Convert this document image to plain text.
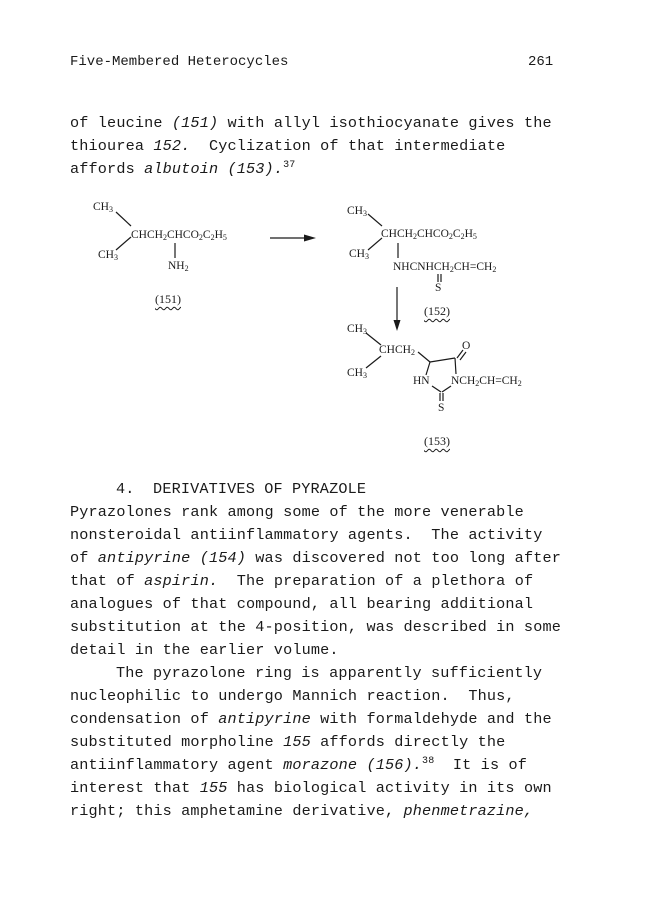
Five-Membered Heterocycles	261
of leucine (151) with allyl isothiocyanate gives the
thiourea 152.  Cyclization of that intermediate
affords albutoin (153).$^{37}$
$CH_3$
$CHCH_2CHCO_2C_2H_5$
$CH_3$
$NH_2$
(151)
$CH_3$
$CHCH_2CHCO_2C_2H_5$
$CH_3$
$NHCNHCH_2CH=CH_2$
S
(152)
$CH_3$
$CHCH_2$
O
$CH_3$	HN $NCH_2CH=CH_2$
S
(153)
4.  DERIVATIVES OF PYRAZOLE
Pyrazolones rank among some of the more venerable
nonsteroidal antiinflammatory agents.  The activity
of antipyrine (154) was discovered not too long after
that of aspirin.  The preparation of a plethora of
analogues of that compound, all bearing additional
substitution at the 4-position, was described in some
detail in the earlier volume.
The pyrazolone ring is apparently sufficiently
nucleophilic to undergo Mannich reaction.  Thus,
condensation of antipyrine with formaldehyde and the
substituted morpholine 155 affords directly the
antiinflammatory agent morazone (156).$^{38}$  It is of
interest that 155 has biological activity in its own
right; this amphetamine derivative, phenmetrazine,
